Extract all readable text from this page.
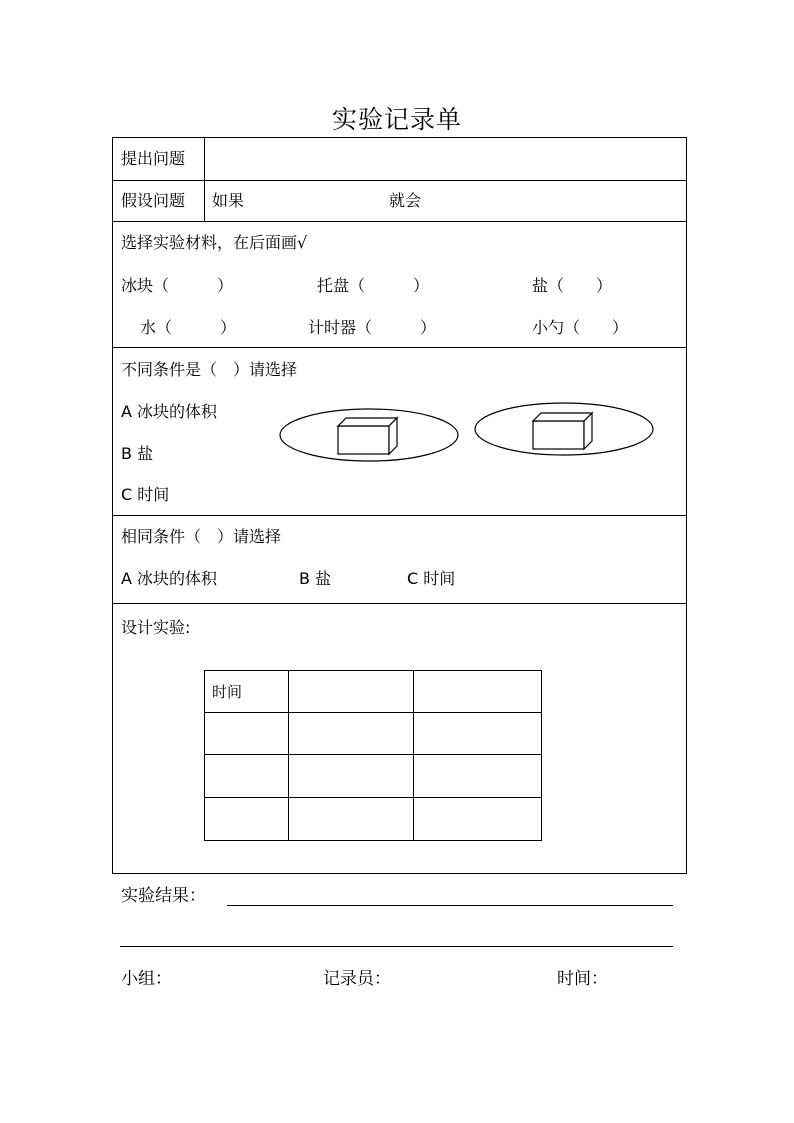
实验记录单
提出问题
假设问题 如果	就会
选择实验材料，在后面画√
冰块（　　　）	托盘（　　　）	盐（　　）
水（　　　）	计时器（　　　）	小勺（　　）
不同条件是（　）请选择
A 冰块的体积
B 盐
C 时间
相同条件（　）请选择
A 冰块的体积	B 盐	C 时间
设计实验:
时间
实验结果：
小组：	记录员：	时间：
